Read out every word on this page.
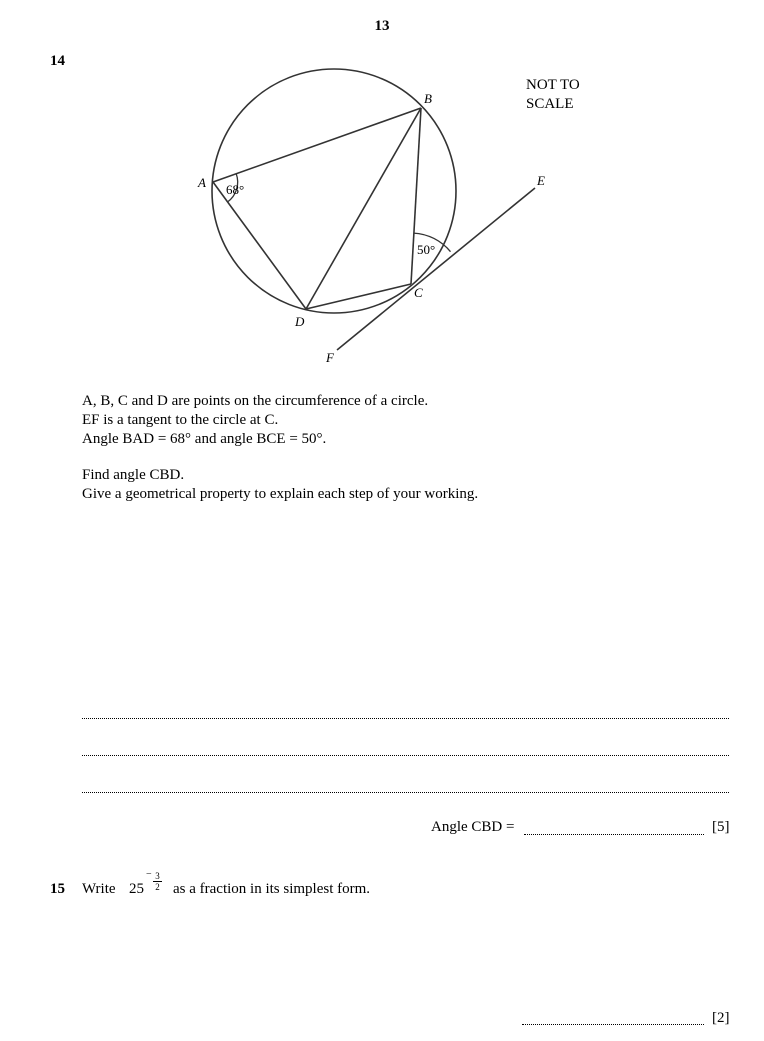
13
14
A
B
C
D
E
F
68°
50°
NOT TO
SCALE
A, B, C and D are points on the circumference of a circle.
EF is a tangent to the circle at C.
Angle BAD = 68° and angle BCE = 50°.
Find angle CBD.
Give a geometrical property to explain each step of your working.
Angle CBD =	[5]
15 Write 25
− 3
2 as a fraction in its simplest form.
[2]
